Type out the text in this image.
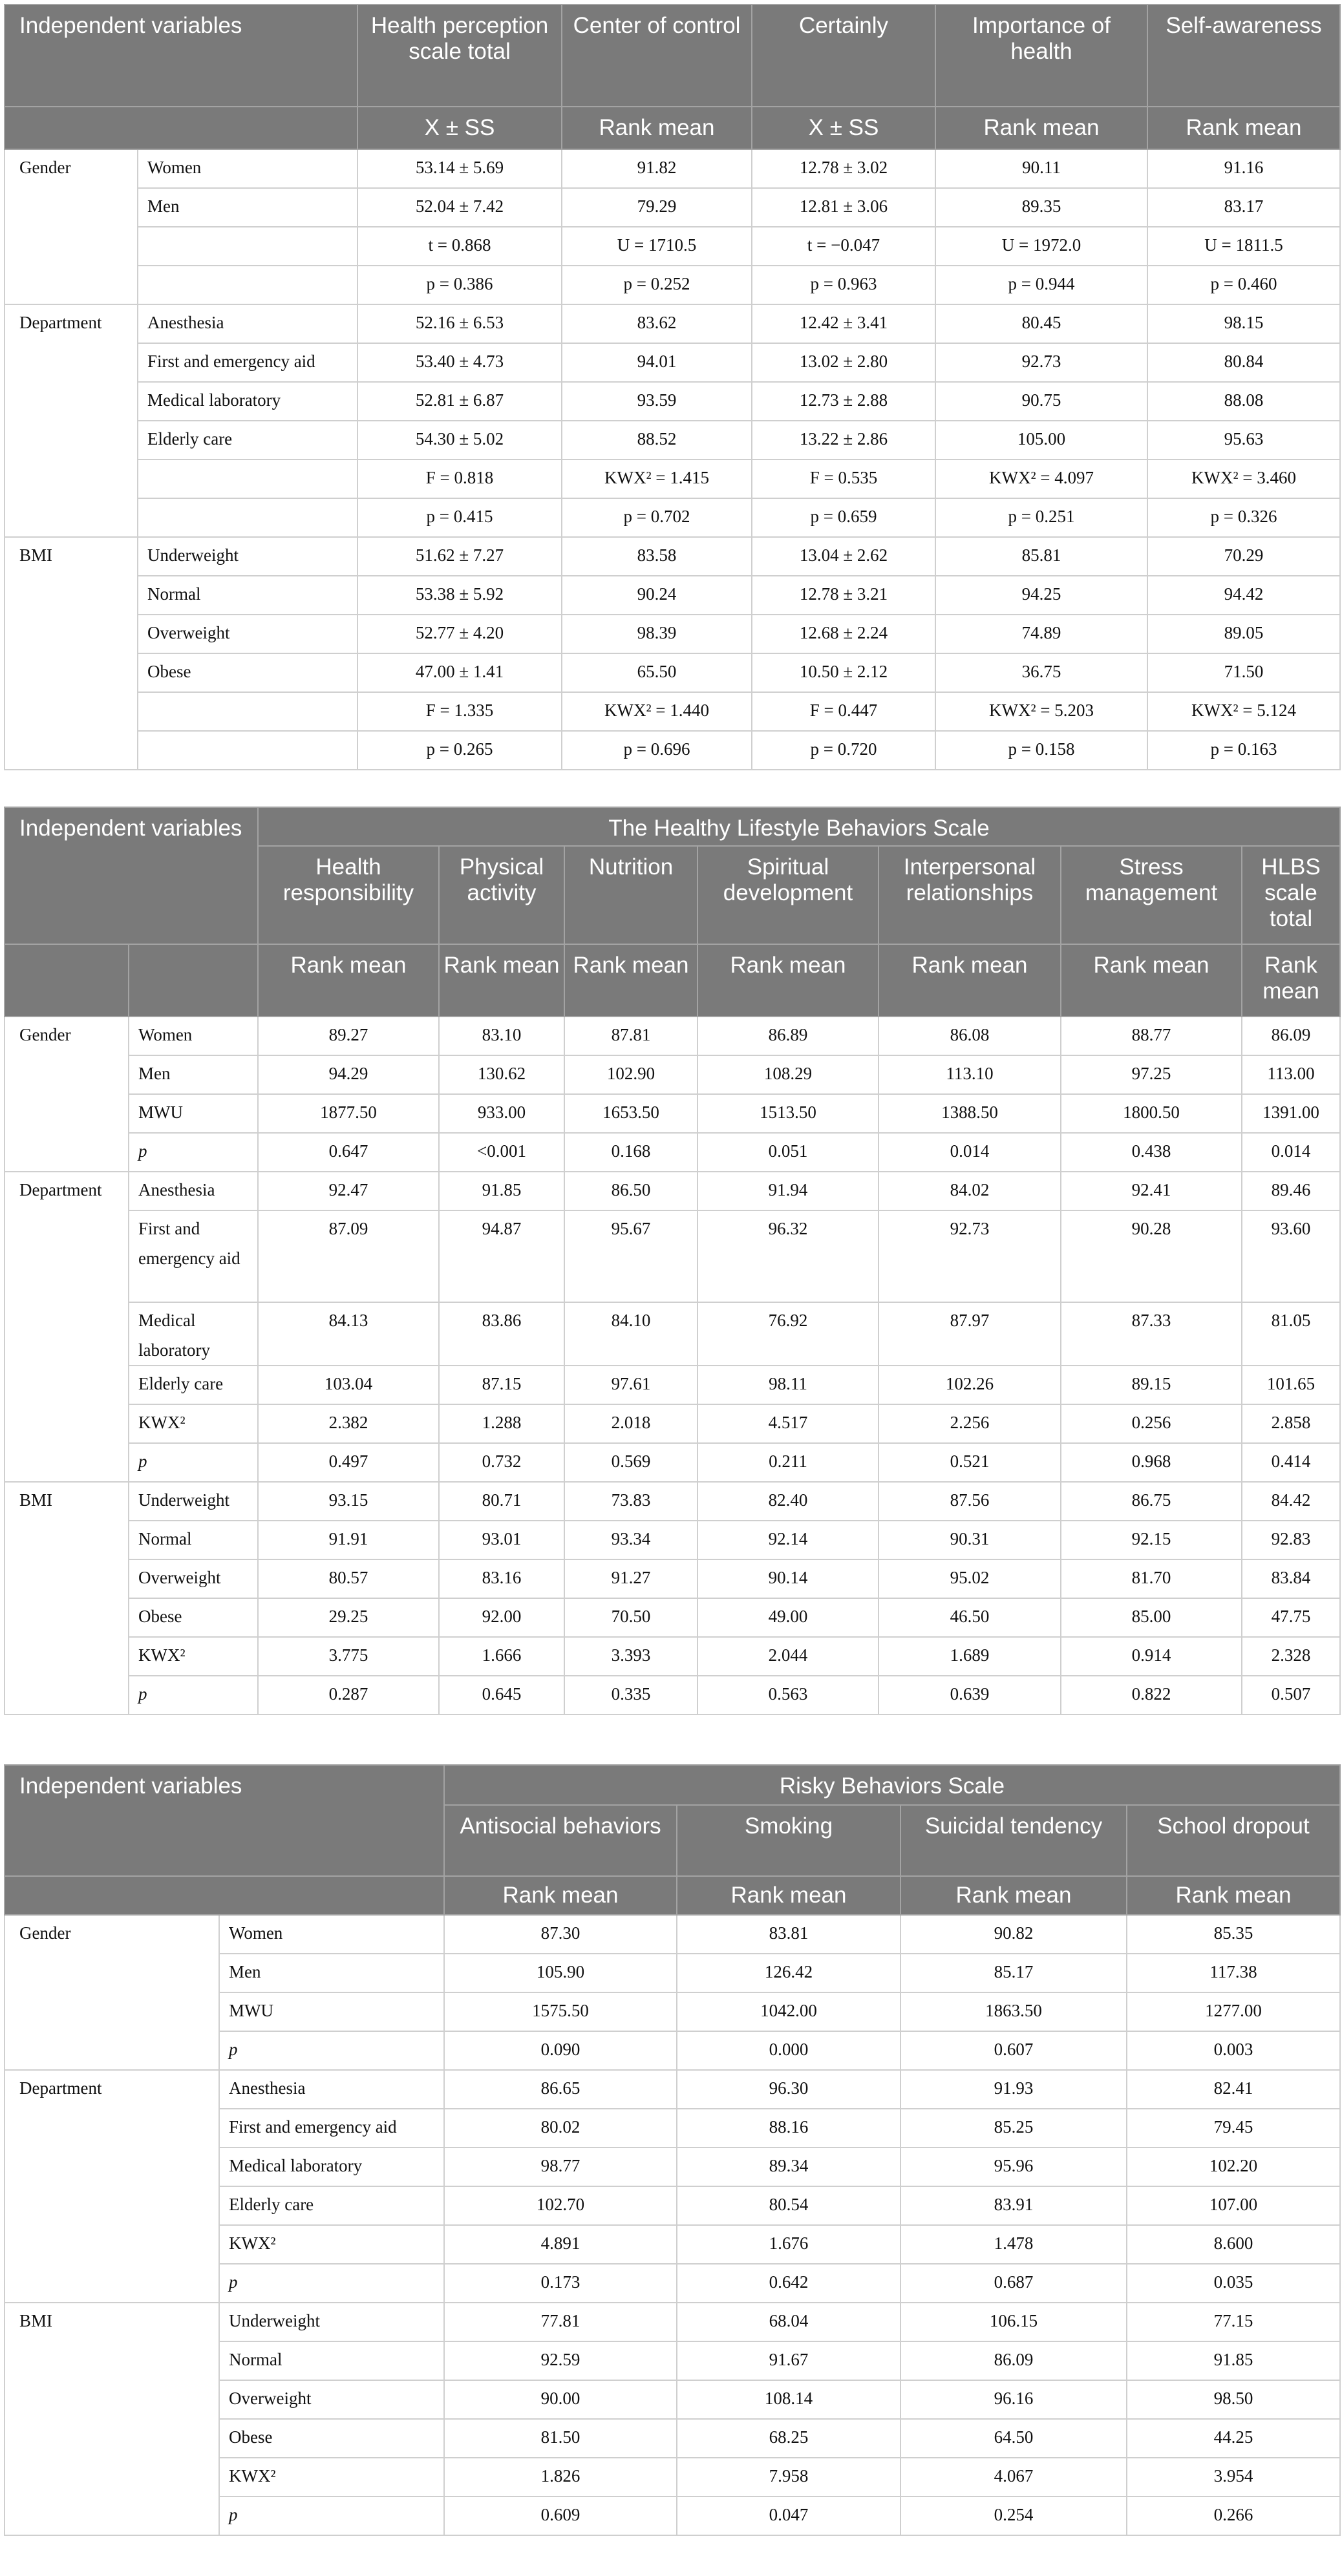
Independent variables		Health perception scale total	Center of control	Certainly	Importance of health	Self-awareness
		X ± SS	Rank mean	X ± SS	Rank mean	Rank mean
Gender	Women	53.14 ± 5.69	91.82	12.78 ± 3.02	90.11	91.16
	Men	52.04 ± 7.42	79.29	12.81 ± 3.06	89.35	83.17
		t = 0.868	U = 1710.5	t = −0.047	U = 1972.0	U = 1811.5
		p = 0.386	p = 0.252	p = 0.963	p = 0.944	p = 0.460
Department	Anesthesia	52.16 ± 6.53	83.62	12.42 ± 3.41	80.45	98.15
	First and emergency aid	53.40 ± 4.73	94.01	13.02 ± 2.80	92.73	80.84
	Medical laboratory	52.81 ± 6.87	93.59	12.73 ± 2.88	90.75	88.08
	Elderly care	54.30 ± 5.02	88.52	13.22 ± 2.86	105.00	95.63
		F = 0.818	KWX² = 1.415	F = 0.535	KWX² = 4.097	KWX² = 3.460
		p = 0.415	p = 0.702	p = 0.659	p = 0.251	p = 0.326
BMI	Underweight	51.62 ± 7.27	83.58	13.04 ± 2.62	85.81	70.29
	Normal	53.38 ± 5.92	90.24	12.78 ± 3.21	94.25	94.42
	Overweight	52.77 ± 4.20	98.39	12.68 ± 2.24	74.89	89.05
	Obese	47.00 ± 1.41	65.50	10.50 ± 2.12	36.75	71.50
		F = 1.335	KWX² = 1.440	F = 0.447	KWX² = 5.203	KWX² = 5.124
		p = 0.265	p = 0.696	p = 0.720	p = 0.158	p = 0.163
Independent variables		The Healthy Lifestyle Behaviors Scale						
		Health responsibility	Physical activity	Nutrition	Spiritual development	Interpersonal relationships	Stress management	HLBS scale total
		Rank mean	Rank mean	Rank mean	Rank mean	Rank mean	Rank mean	Rank mean
Gender	Women	89.27	83.10	87.81	86.89	86.08	88.77	86.09
	Men	94.29	130.62	102.90	108.29	113.10	97.25	113.00
	MWU	1877.50	933.00	1653.50	1513.50	1388.50	1800.50	1391.00
	p	0.647	<0.001	0.168	0.051	0.014	0.438	0.014
Department	Anesthesia	92.47	91.85	86.50	91.94	84.02	92.41	89.46
	First and emergency aid	87.09	94.87	95.67	96.32	92.73	90.28	93.60
	Medical laboratory	84.13	83.86	84.10	76.92	87.97	87.33	81.05
	Elderly care	103.04	87.15	97.61	98.11	102.26	89.15	101.65
	KWX²	2.382	1.288	2.018	4.517	2.256	0.256	2.858
	p	0.497	0.732	0.569	0.211	0.521	0.968	0.414
BMI	Underweight	93.15	80.71	73.83	82.40	87.56	86.75	84.42
	Normal	91.91	93.01	93.34	92.14	90.31	92.15	92.83
	Overweight	80.57	83.16	91.27	90.14	95.02	81.70	83.84
	Obese	29.25	92.00	70.50	49.00	46.50	85.00	47.75
	KWX²	3.775	1.666	3.393	2.044	1.689	0.914	2.328
	p	0.287	0.645	0.335	0.563	0.639	0.822	0.507
Independent variables		Risky Behaviors Scale			
		Antisocial behaviors	Smoking	Suicidal tendency	School dropout
		Rank mean	Rank mean	Rank mean	Rank mean
Gender	Women	87.30	83.81	90.82	85.35
	Men	105.90	126.42	85.17	117.38
	MWU	1575.50	1042.00	1863.50	1277.00
	p	0.090	0.000	0.607	0.003
Department	Anesthesia	86.65	96.30	91.93	82.41
	First and emergency aid	80.02	88.16	85.25	79.45
	Medical laboratory	98.77	89.34	95.96	102.20
	Elderly care	102.70	80.54	83.91	107.00
	KWX²	4.891	1.676	1.478	8.600
	p	0.173	0.642	0.687	0.035
BMI	Underweight	77.81	68.04	106.15	77.15
	Normal	92.59	91.67	86.09	91.85
	Overweight	90.00	108.14	96.16	98.50
	Obese	81.50	68.25	64.50	44.25
	KWX²	1.826	7.958	4.067	3.954
	p	0.609	0.047	0.254	0.266
